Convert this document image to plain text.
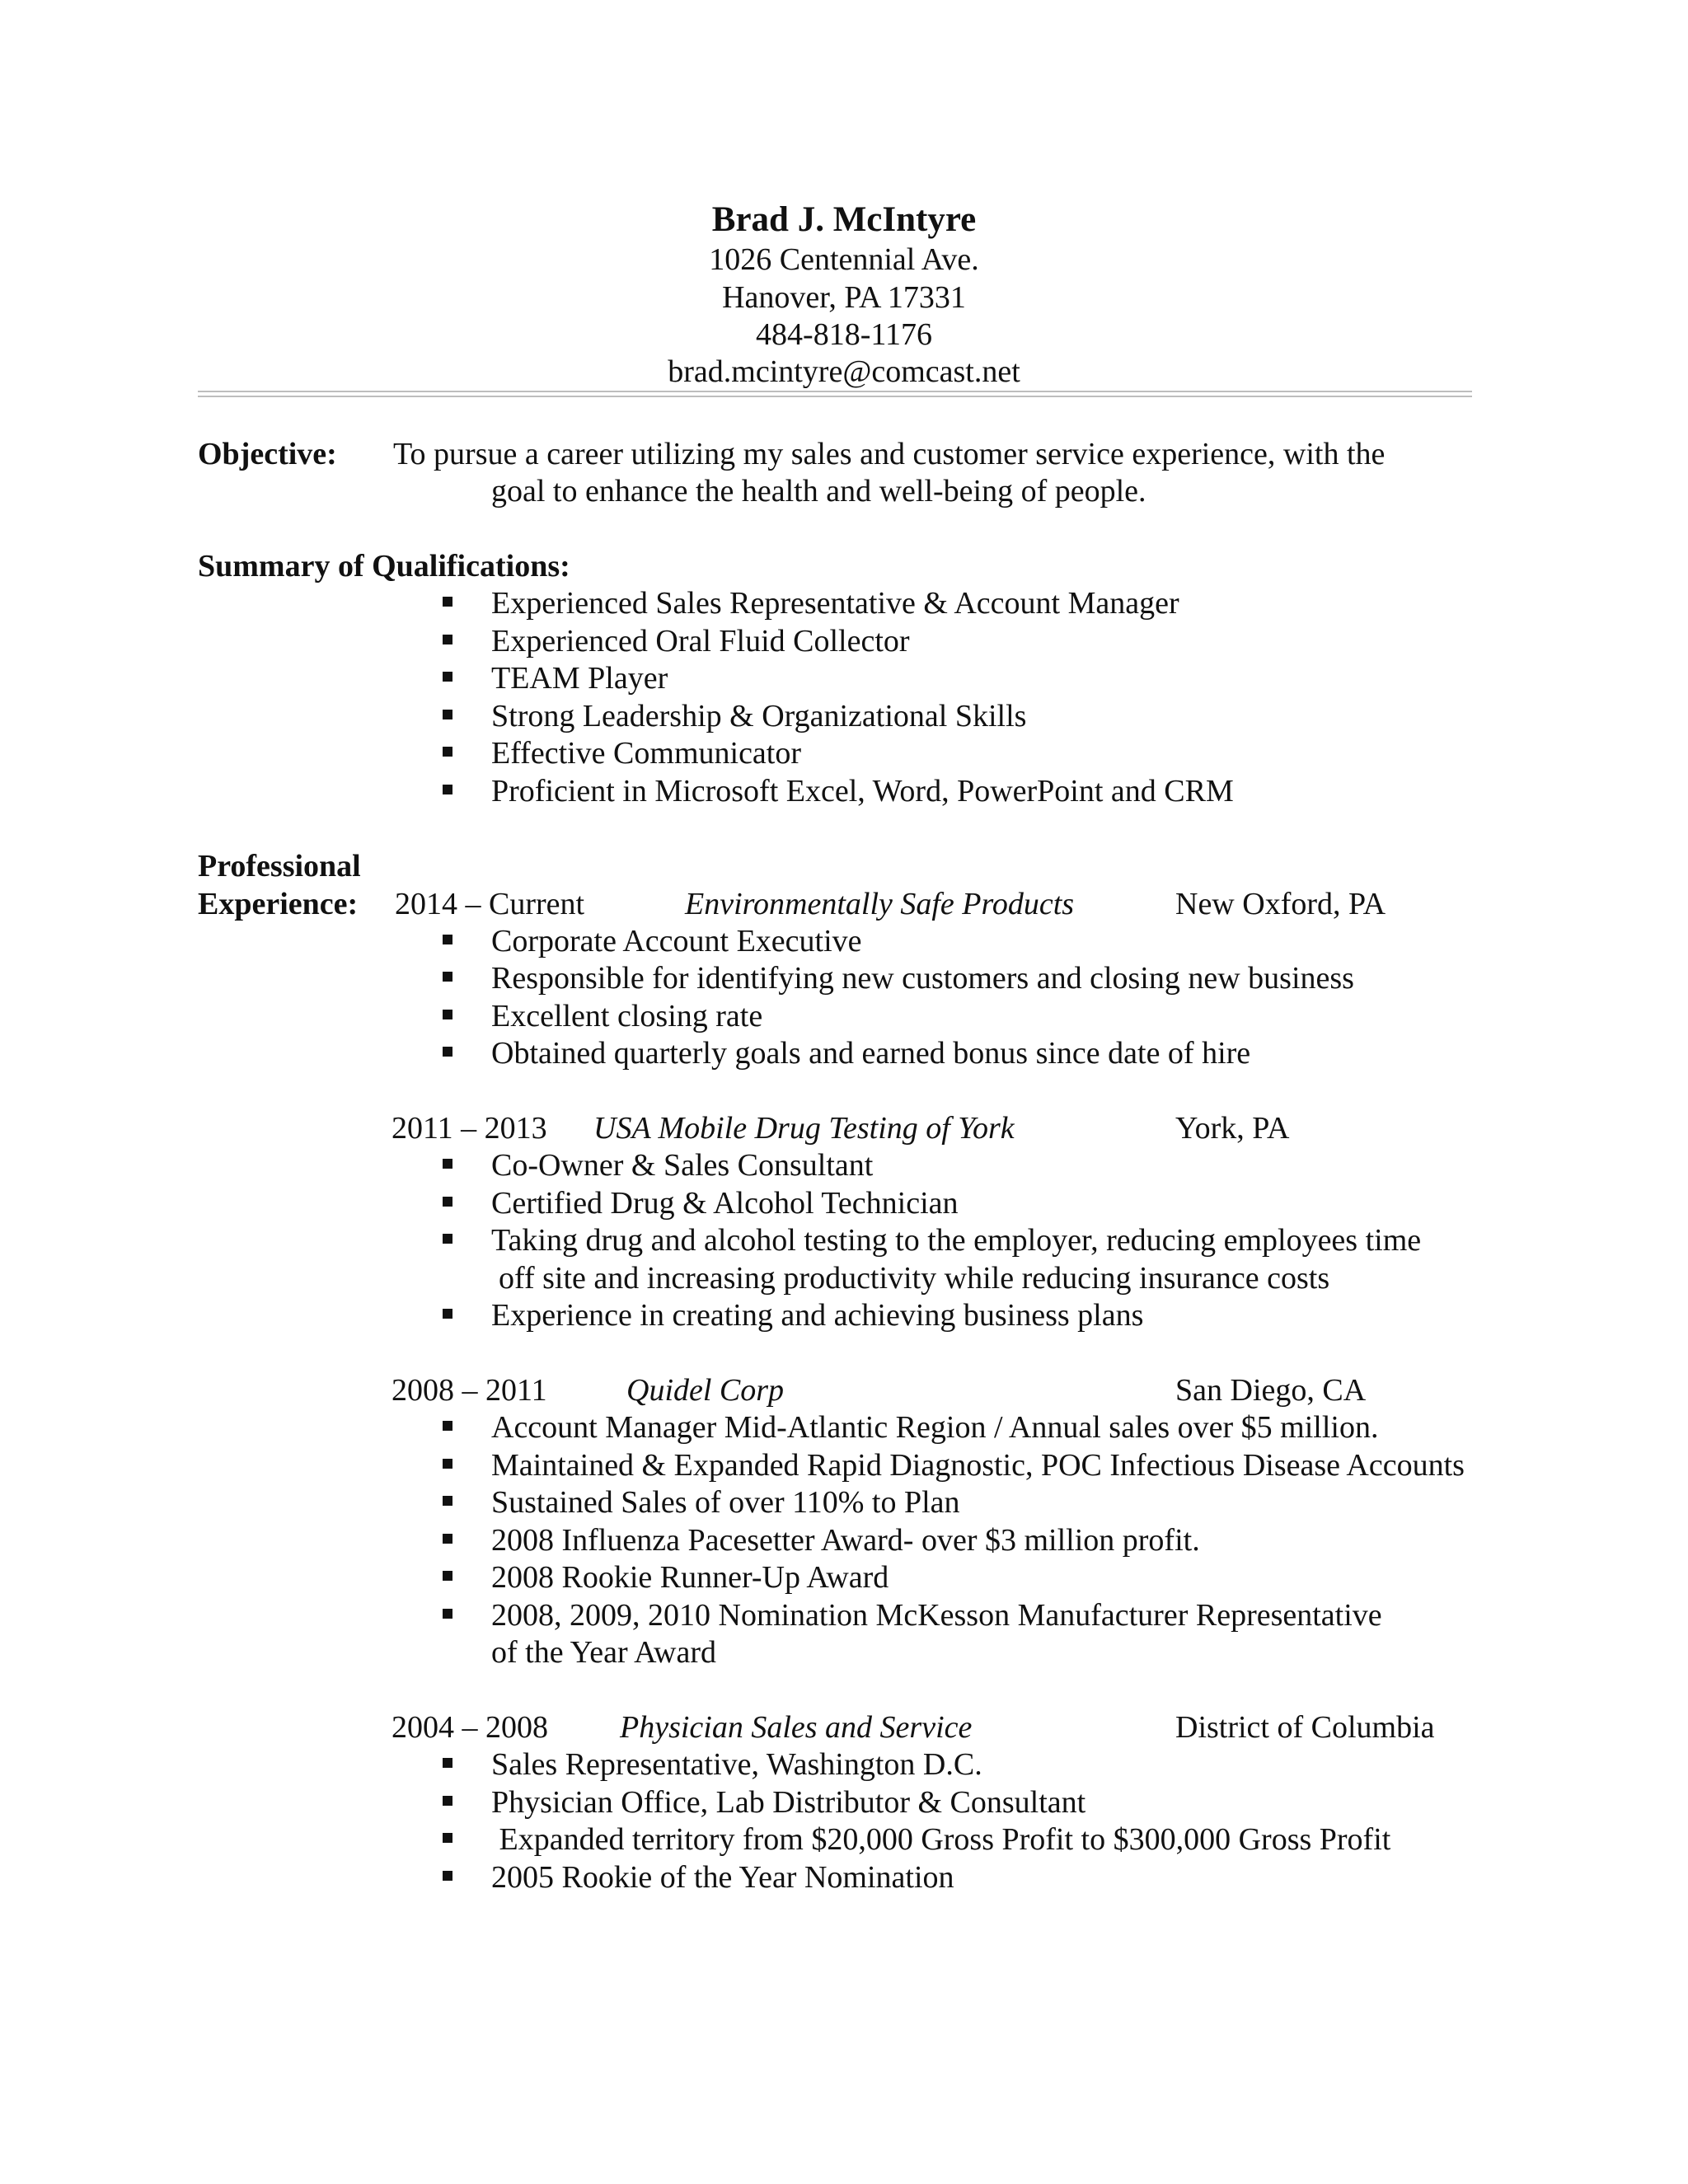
Brad J. McIntyre
1026 Centennial Ave.
Hanover, PA 17331
484-818-1176
brad.mcintyre@comcast.net
Objective: To pursue a career utilizing my sales and customer service experience, with the
goal to enhance the health and well-being of people.
Summary of Qualifications:
Experienced Sales Representative & Account Manager
Experienced Oral Fluid Collector
TEAM Player
Strong Leadership & Organizational Skills
Effective Communicator
Proficient in Microsoft Excel, Word, PowerPoint and CRM
Professional
Experience: 2014 – Current	Environmentally Safe Products	New Oxford, PA
Corporate Account Executive
Responsible for identifying new customers and closing new business
Excellent closing rate
Obtained quarterly goals and earned bonus since date of hire
2011 – 2013 USA Mobile Drug Testing of York	York, PA
Co-Owner & Sales Consultant
Certified Drug & Alcohol Technician
Taking drug and alcohol testing to the employer, reducing employees time
off site and increasing productivity while reducing insurance costs
Experience in creating and achieving business plans
2008 – 2011	Quidel Corp	San Diego, CA
Account Manager Mid-Atlantic Region / Annual sales over $5 million.
Maintained & Expanded Rapid Diagnostic, POC Infectious Disease Accounts
Sustained Sales of over 110% to Plan
2008 Influenza Pacesetter Award- over $3 million profit.
2008 Rookie Runner-Up Award
2008, 2009, 2010 Nomination McKesson Manufacturer Representative
of the Year Award
2004 – 2008 Physician Sales and Service	District of Columbia
Sales Representative, Washington D.C.
Physician Office, Lab Distributor & Consultant
Expanded territory from $20,000 Gross Profit to $300,000 Gross Profit
2005 Rookie of the Year Nomination
